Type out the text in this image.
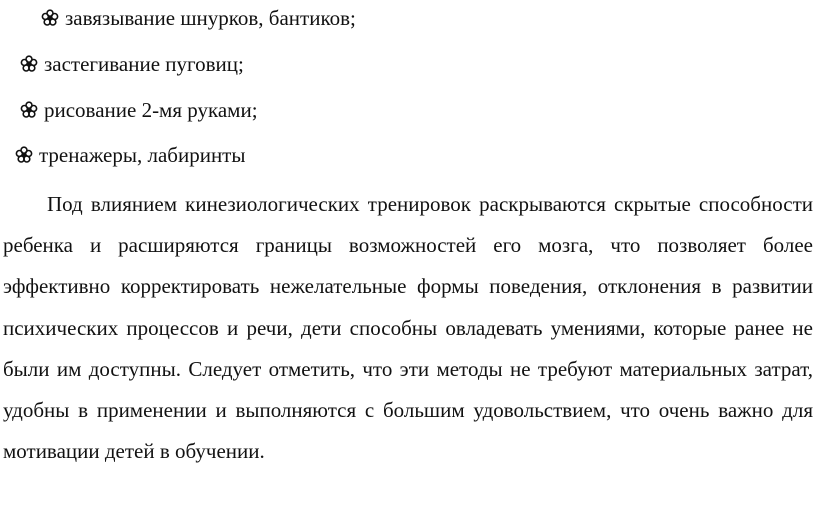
завязывание шнурков, бантиков;
застегивание пуговиц;
рисование 2-мя руками;
тренажеры, лабиринты

Под влиянием кинезиологических тренировок раскрываются скрытые способности ребенка и расширяются границы возможностей его мозга, что позволяет более эффективно корректировать нежелательные формы поведения, отклонения в развитии психических процессов и речи, дети способны овладевать умениями, которые ранее не были им доступны. Следует отметить, что эти методы не требуют материальных затрат, удобны в применении и выполняются с большим удовольствием, что очень важно для мотивации детей в обучении.
